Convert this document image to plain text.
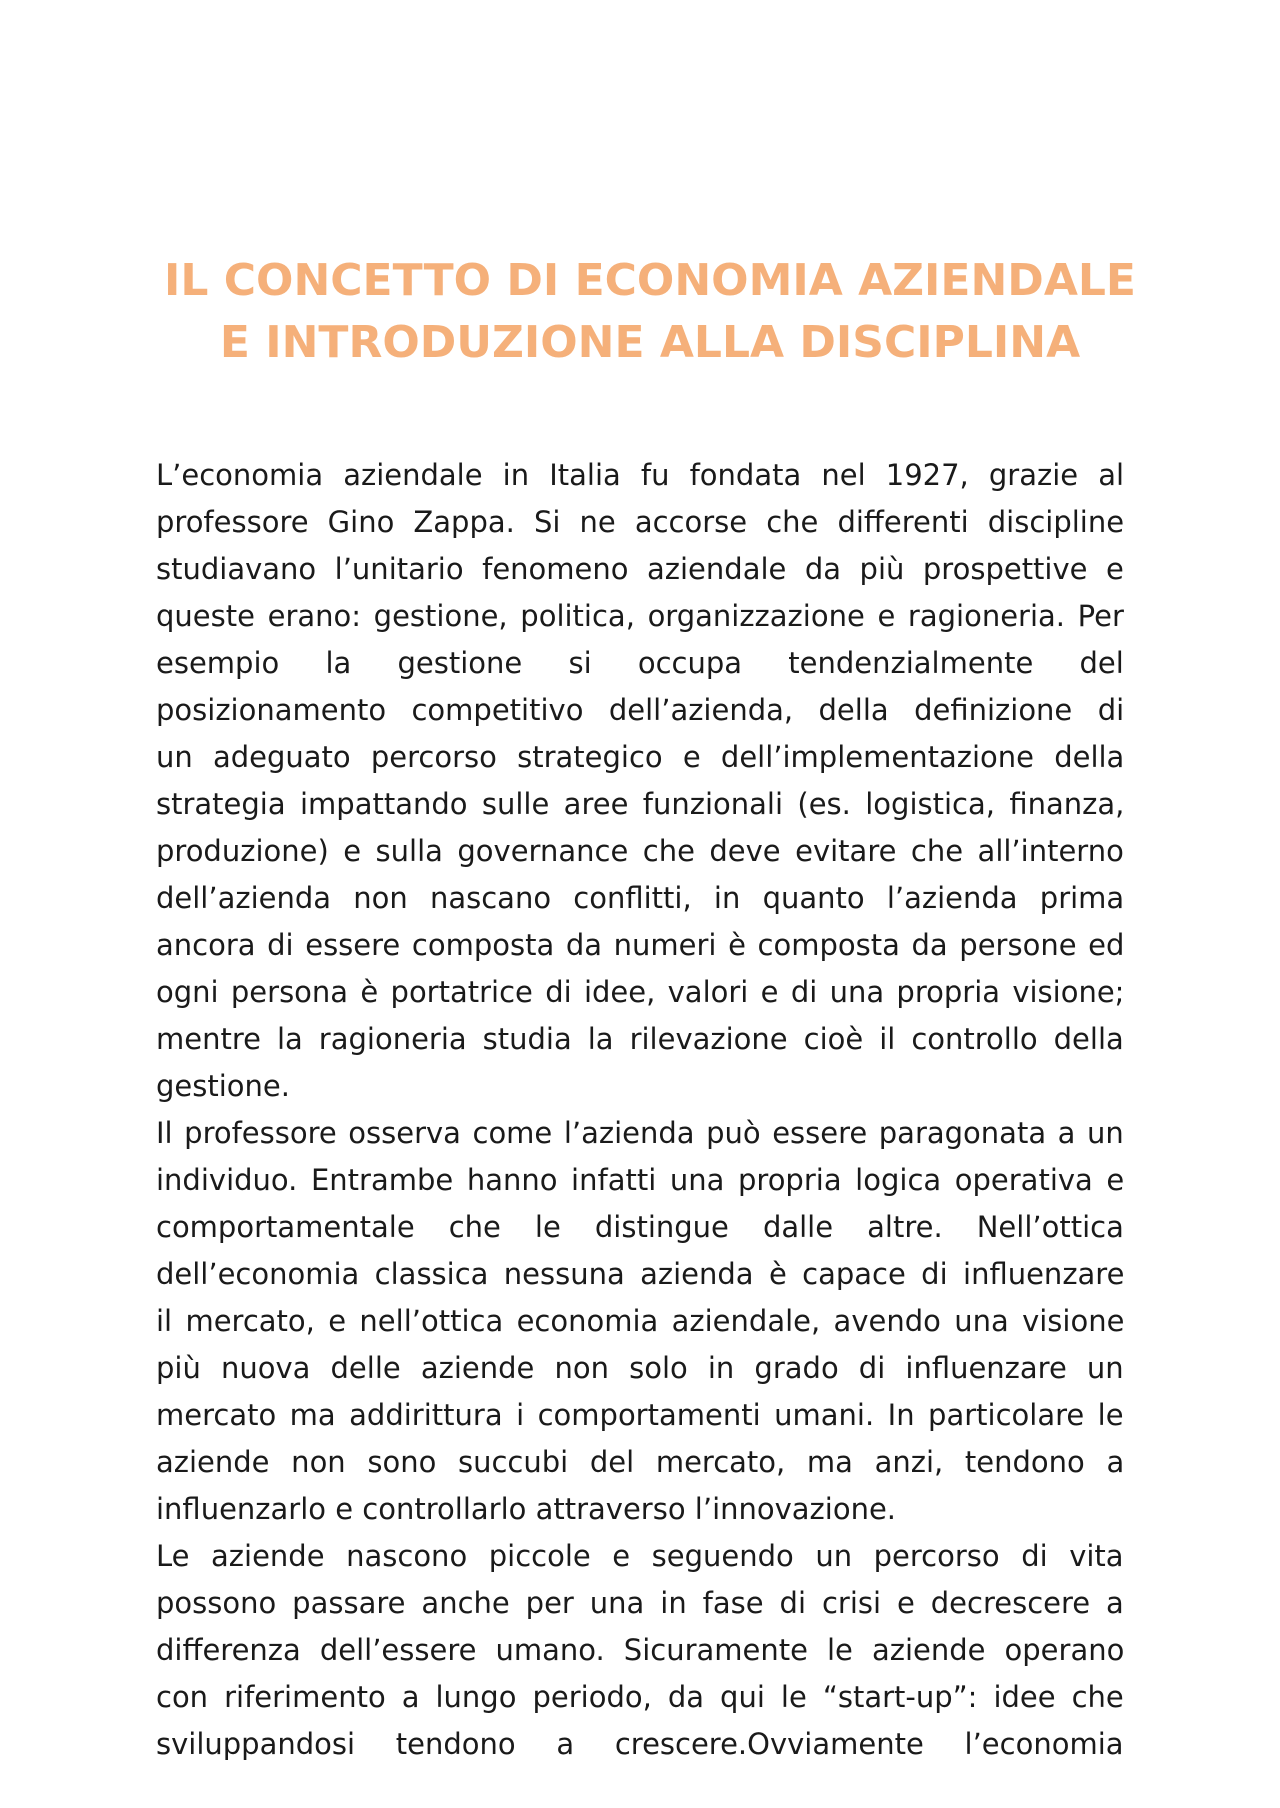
IL CONCETTO DI ECONOMIA AZIENDALE
E INTRODUZIONE ALLA DISCIPLINA
L’economia aziendale in Italia fu fondata nel 1927, grazie al
professore Gino Zappa. Si ne accorse che differenti discipline
studiavano l’unitario fenomeno aziendale da più prospettive e
queste erano: gestione, politica, organizzazione e ragioneria. Per
esempio la gestione si occupa tendenzialmente del
posizionamento competitivo dell’azienda, della definizione di
un adeguato percorso strategico e dell’implementazione della
strategia impattando sulle aree funzionali (es. logistica, finanza,
produzione) e sulla governance che deve evitare che all’interno
dell’azienda non nascano conflitti, in quanto l’azienda prima
ancora di essere composta da numeri è composta da persone ed
ogni persona è portatrice di idee, valori e di una propria visione;
mentre la ragioneria studia la rilevazione cioè il controllo della
gestione.
Il professore osserva come l’azienda può essere paragonata a un
individuo. Entrambe hanno infatti una propria logica operativa e
comportamentale che le distingue dalle altre. Nell’ottica
dell’economia classica nessuna azienda è capace di influenzare
il mercato, e nell’ottica economia aziendale, avendo una visione
più nuova delle aziende non solo in grado di influenzare un
mercato ma addirittura i comportamenti umani. In particolare le
aziende non sono succubi del mercato, ma anzi, tendono a
influenzarlo e controllarlo attraverso l’innovazione.
Le aziende nascono piccole e seguendo un percorso di vita
possono passare anche per una in fase di crisi e decrescere a
differenza dell’essere umano. Sicuramente le aziende operano
con riferimento a lungo periodo, da qui le “start-up”: idee che
sviluppandosi tendono a crescere.Ovviamente l’economia
